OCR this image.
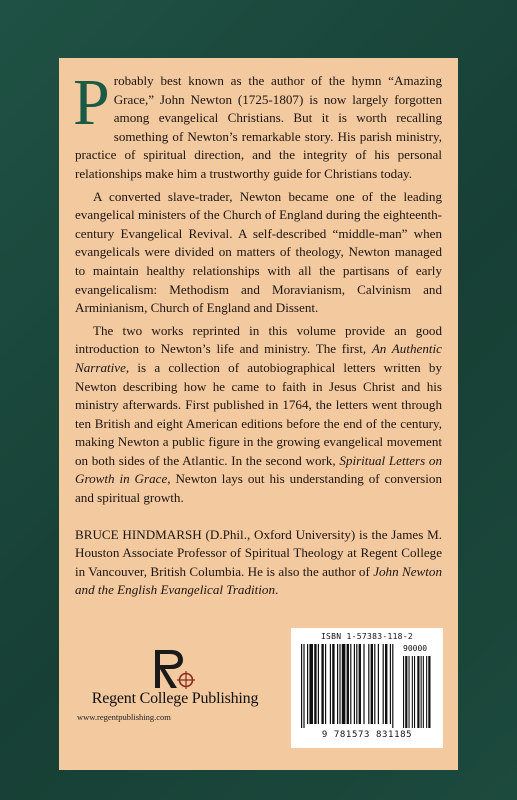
Probably best known as the author of the hymn “Amazing Grace,” John Newton (1725-1807) is now largely forgotten among evangelical Christians. But it is worth recalling something of Newton’s remarkable story. His parish ministry, practice of spiritual direction, and the integrity of his personal relationships make him a trustworthy guide for Christians today.

A converted slave-trader, Newton became one of the leading evangelical ministers of the Church of England during the eighteenth-century Evangelical Revival. A self-described “middle-man” when evangelicals were divided on matters of theology, Newton managed to maintain healthy relationships with all the partisans of early evangelicalism: Methodism and Moravianism, Calvinism and Arminianism, Church of England and Dissent.

The two works reprinted in this volume provide an good introduction to Newton’s life and ministry. The first, An Authentic Narrative, is a collection of autobiographical letters written by Newton describing how he came to faith in Jesus Christ and his ministry afterwards. First published in 1764, the letters went through ten British and eight American editions before the end of the century, making Newton a public figure in the growing evangelical movement on both sides of the Atlantic. In the second work, Spiritual Letters on Growth in Grace, Newton lays out his understanding of conversion and spiritual growth.

BRUCE HINDMARSH (D.Phil., Oxford University) is the James M. Houston Associate Professor of Spiritual Theology at Regent College in Vancouver, British Columbia. He is also the author of John Newton and the English Evangelical Tradition.

Regent College Publishing
www.regentpublishing.com
ISBN 1-57383-118-2
90000
9 781573 831185
